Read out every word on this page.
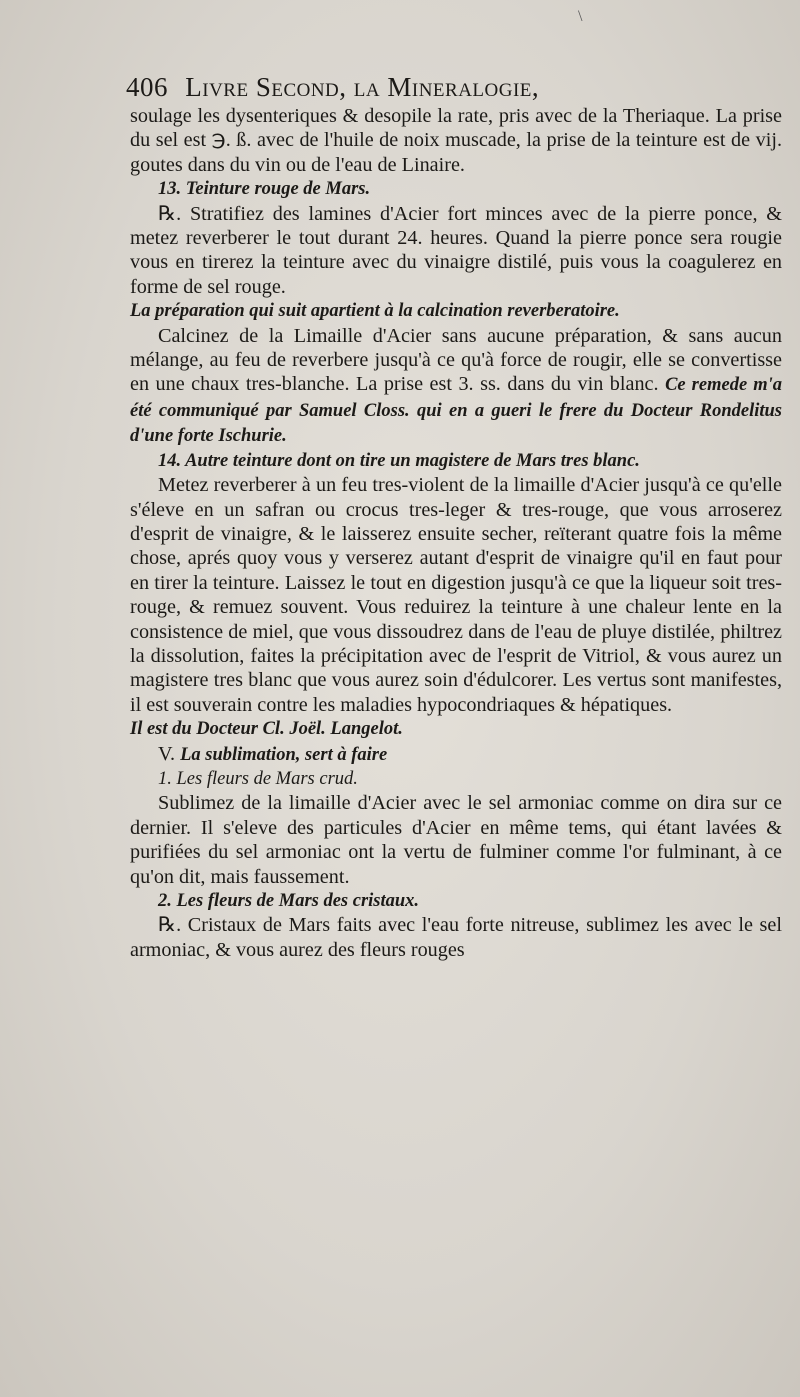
\
406 Livre Second, la Mineralogie,

soulage les dysenteriques & desopile la rate, pris avec de la Theriaque. La prise du sel est ℈. ß. avec de l'huile de noix muscade, la prise de la teinture est de vij. goutes dans du vin ou de l'eau de Linaire.

13. Teinture rouge de Mars.

℞. Stratifiez des lamines d'Acier fort minces avec de la pierre ponce, & metez reverberer le tout durant 24. heures. Quand la pierre ponce sera rougie vous en tirerez la teinture avec du vinaigre distilé, puis vous la coagulerez en forme de sel rouge.

La préparation qui suit apartient à la calcination reverberatoire.

Calcinez de la Limaille d'Acier sans aucune préparation, & sans aucun mélange, au feu de reverbere jusqu'à ce qu'à force de rougir, elle se convertisse en une chaux tres-blanche. La prise est 3. ss. dans du vin blanc. Ce remede m'a été communiqué par Samuel Closs. qui en a gueri le frere du Docteur Rondelitus d'une forte Ischurie.

14. Autre teinture dont on tire un magistere de Mars tres blanc.

Metez reverberer à un feu tres-violent de la limaille d'Acier jusqu'à ce qu'elle s'éleve en un safran ou crocus tres-leger & tres-rouge, que vous arroserez d'esprit de vinaigre, & le laisserez ensuite secher, reïterant quatre fois la même chose, aprés quoy vous y verserez autant d'esprit de vinaigre qu'il en faut pour en tirer la teinture. Laissez le tout en digestion jusqu'à ce que la liqueur soit tres-rouge, & remuez souvent. Vous reduirez la teinture à une chaleur lente en la consistence de miel, que vous dissoudrez dans de l'eau de pluye distilée, philtrez la dissolution, faites la précipitation avec de l'esprit de Vitriol, & vous aurez un magistere tres blanc que vous aurez soin d'édulcorer. Les vertus sont manifestes, il est souverain contre les maladies hypocondriaques & hépatiques.

Il est du Docteur Cl. Joël. Langelot.

V. La sublimation, sert à faire

1. Les fleurs de Mars crud.

Sublimez de la limaille d'Acier avec le sel armoniac comme on dira sur ce dernier. Il s'eleve des particules d'Acier en même tems, qui étant lavées & purifiées du sel armoniac ont la vertu de fulminer comme l'or fulminant, à ce qu'on dit, mais faussement.

2. Les fleurs de Mars des cristaux.

℞. Cristaux de Mars faits avec l'eau forte nitreuse, sublimez les avec le sel armoniac, & vous aurez des fleurs rouges
